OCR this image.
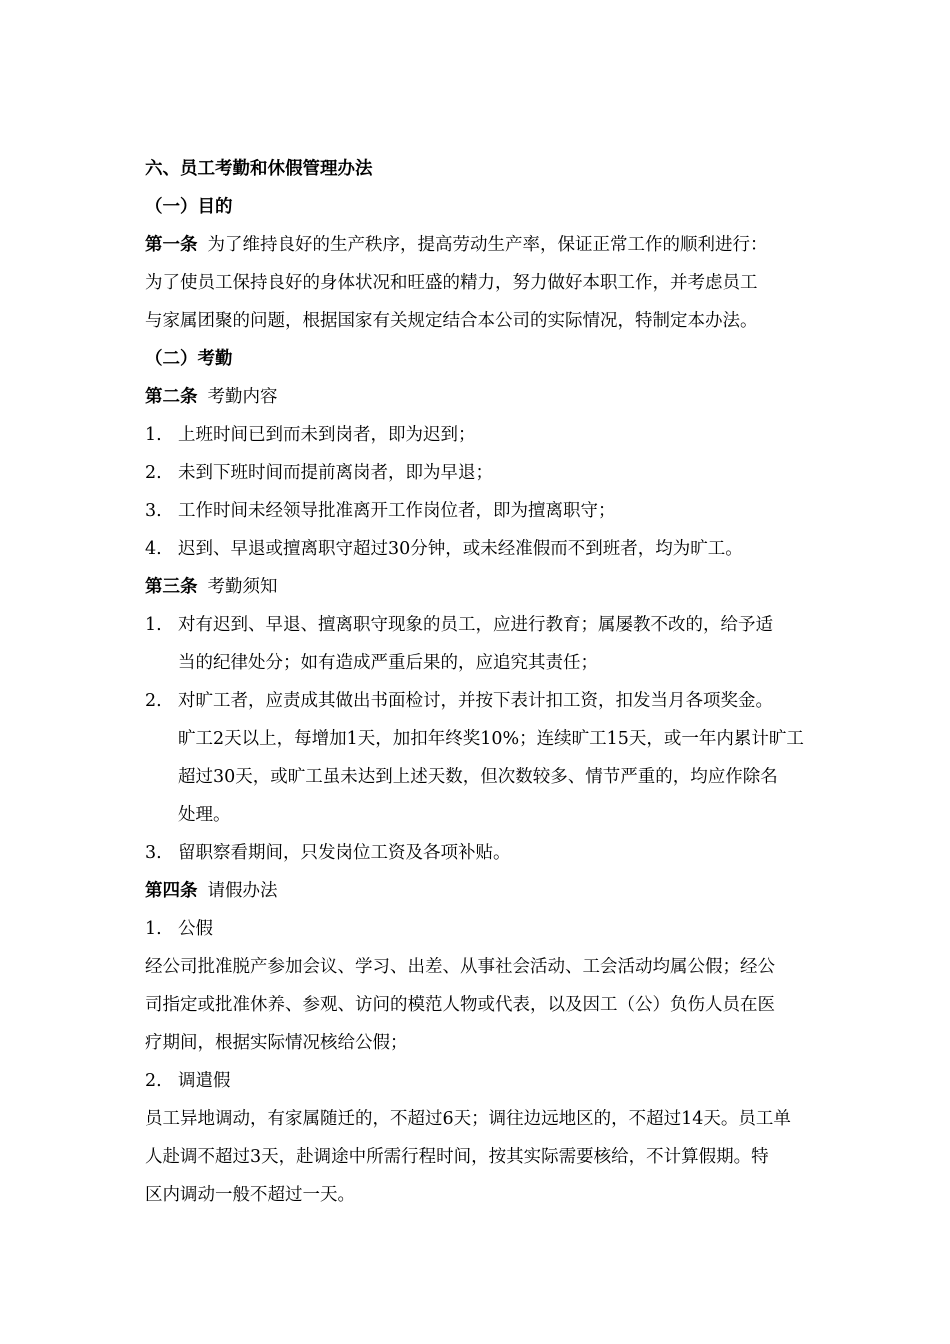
六、员工考勤和休假管理办法
（一）目的
第一条 为了维持良好的生产秩序，提高劳动生产率，保证正常工作的顺利进行：
为了使员工保持良好的身体状况和旺盛的精力，努力做好本职工作，并考虑员工
与家属团聚的问题，根据国家有关规定结合本公司的实际情况，特制定本办法。
（二）考勤
第二条 考勤内容
1. 上班时间已到而未到岗者，即为迟到；
2. 未到下班时间而提前离岗者，即为早退；
3. 工作时间未经领导批准离开工作岗位者，即为擅离职守；
4. 迟到、早退或擅离职守超过30分钟，或未经准假而不到班者，均为旷工。
第三条 考勤须知
1. 对有迟到、早退、擅离职守现象的员工，应进行教育；属屡教不改的，给予适
当的纪律处分；如有造成严重后果的，应追究其责任；
2. 对旷工者，应责成其做出书面检讨，并按下表计扣工资，扣发当月各项奖金。
旷工2天以上，每增加1天，加扣年终奖10%；连续旷工15天，或一年内累计旷工
超过30天，或旷工虽未达到上述天数，但次数较多、情节严重的，均应作除名
处理。
3. 留职察看期间，只发岗位工资及各项补贴。
第四条 请假办法
1. 公假
经公司批准脱产参加会议、学习、出差、从事社会活动、工会活动均属公假；经公
司指定或批准休养、参观、访问的模范人物或代表，以及因工（公）负伤人员在医
疗期间，根据实际情况核给公假；
2. 调遣假
员工异地调动，有家属随迁的，不超过6天；调往边远地区的，不超过14天。员工单
人赴调不超过3天，赴调途中所需行程时间，按其实际需要核给，不计算假期。特
区内调动一般不超过一天。
